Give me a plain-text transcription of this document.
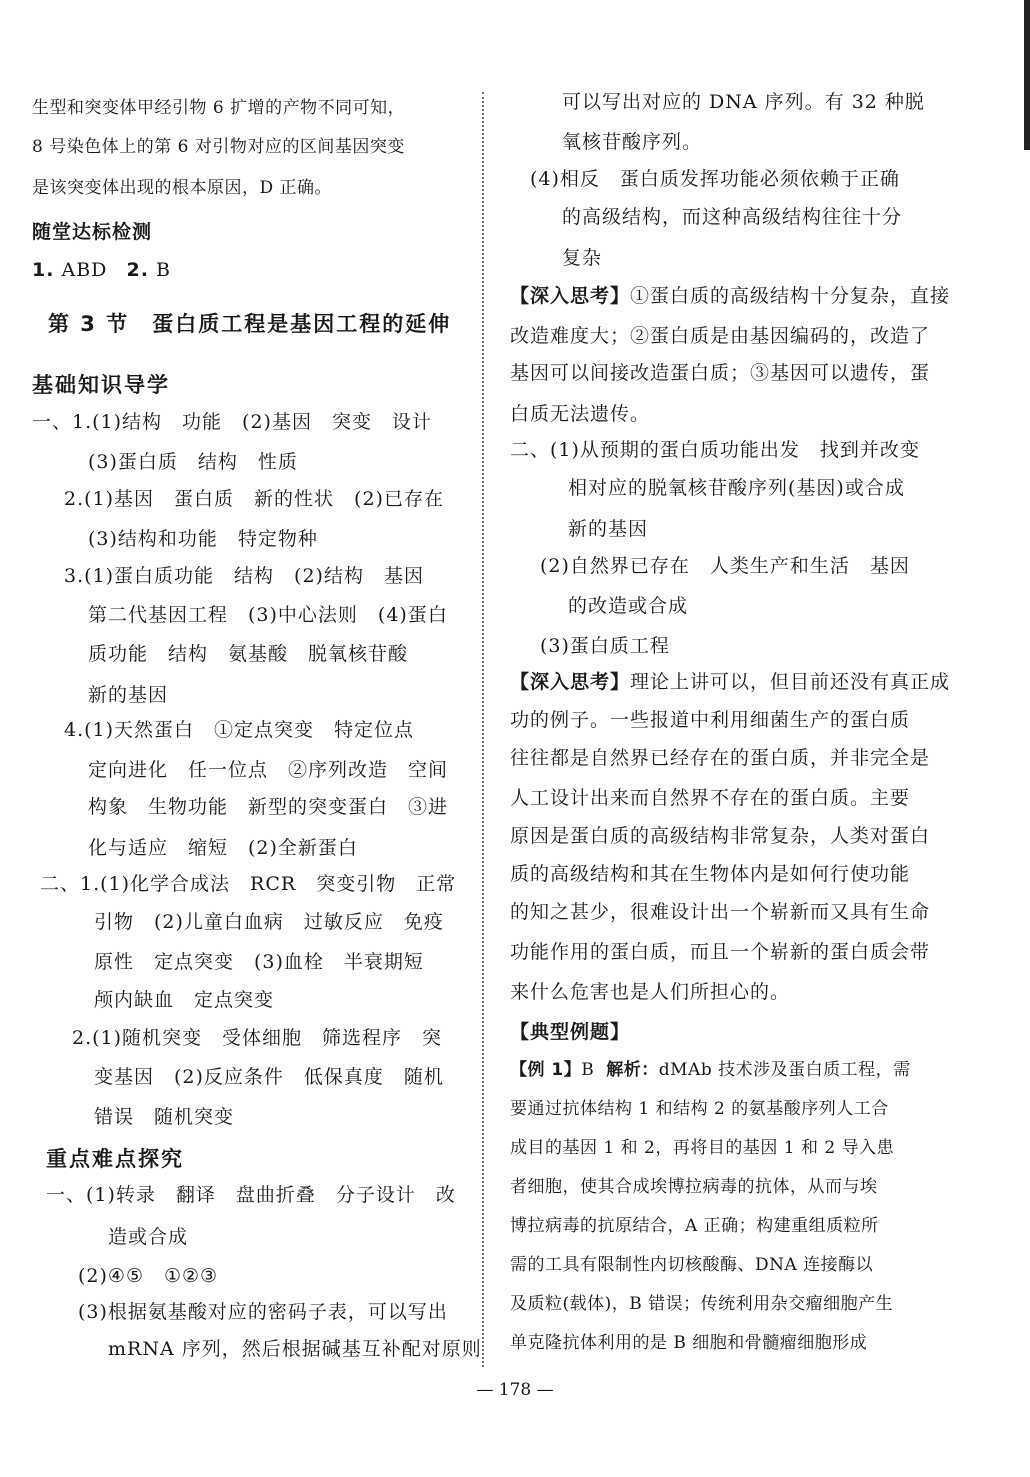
生型和突变体甲经引物 6 扩增的产物不同可知，
8 号染色体上的第 6 对引物对应的区间基因突变
是该突变体出现的根本原因，D 正确。
随堂达标检测
1. ABD 2. B
第 3 节　蛋白质工程是基因工程的延伸
基础知识导学
一、1.(1)结构　功能　(2)基因　突变　设计
(3)蛋白质　结构　性质
2.(1)基因　蛋白质　新的性状　(2)已存在
(3)结构和功能　特定物种
3.(1)蛋白质功能　结构　(2)结构　基因
第二代基因工程　(3)中心法则　(4)蛋白
质功能　结构　氨基酸　脱氧核苷酸
新的基因
4.(1)天然蛋白　①定点突变　特定位点
定向进化　任一位点　②序列改造　空间
构象　生物功能　新型的突变蛋白　③进
化与适应　缩短　(2)全新蛋白
二、1.(1)化学合成法　RCR　突变引物　正常
引物　(2)儿童白血病　过敏反应　免疫
原性　定点突变　(3)血栓　半衰期短
颅内缺血　定点突变
2.(1)随机突变　受体细胞　筛选程序　突
变基因　(2)反应条件　低保真度　随机
错误　随机突变
重点难点探究
一、(1)转录　翻译　盘曲折叠　分子设计　改
造或合成
(2)④⑤　①②③
(3)根据氨基酸对应的密码子表，可以写出
mRNA 序列，然后根据碱基互补配对原则
可以写出对应的 DNA 序列。有 32 种脱
氧核苷酸序列。
(4)相反　蛋白质发挥功能必须依赖于正确
的高级结构，而这种高级结构往往十分
复杂
【深入思考】①蛋白质的高级结构十分复杂，直接
改造难度大；②蛋白质是由基因编码的，改造了
基因可以间接改造蛋白质；③基因可以遗传，蛋
白质无法遗传。
二、(1)从预期的蛋白质功能出发　找到并改变
相对应的脱氧核苷酸序列(基因)或合成
新的基因
(2)自然界已存在　人类生产和生活　基因
的改造或合成
(3)蛋白质工程
【深入思考】理论上讲可以，但目前还没有真正成
功的例子。一些报道中利用细菌生产的蛋白质
往往都是自然界已经存在的蛋白质，并非完全是
人工设计出来而自然界不存在的蛋白质。主要
原因是蛋白质的高级结构非常复杂，人类对蛋白
质的高级结构和其在生物体内是如何行使功能
的知之甚少，很难设计出一个崭新而又具有生命
功能作用的蛋白质，而且一个崭新的蛋白质会带
来什么危害也是人们所担心的。
【典型例题】
【例 1】B 解析：dMAb 技术涉及蛋白质工程，需
要通过抗体结构 1 和结构 2 的氨基酸序列人工合
成目的基因 1 和 2，再将目的基因 1 和 2 导入患
者细胞，使其合成埃博拉病毒的抗体，从而与埃
博拉病毒的抗原结合，A 正确；构建重组质粒所
需的工具有限制性内切核酸酶、DNA 连接酶以
及质粒(载体)，B 错误；传统利用杂交瘤细胞产生
单克隆抗体利用的是 B 细胞和骨髓瘤细胞形成
— 178 —
